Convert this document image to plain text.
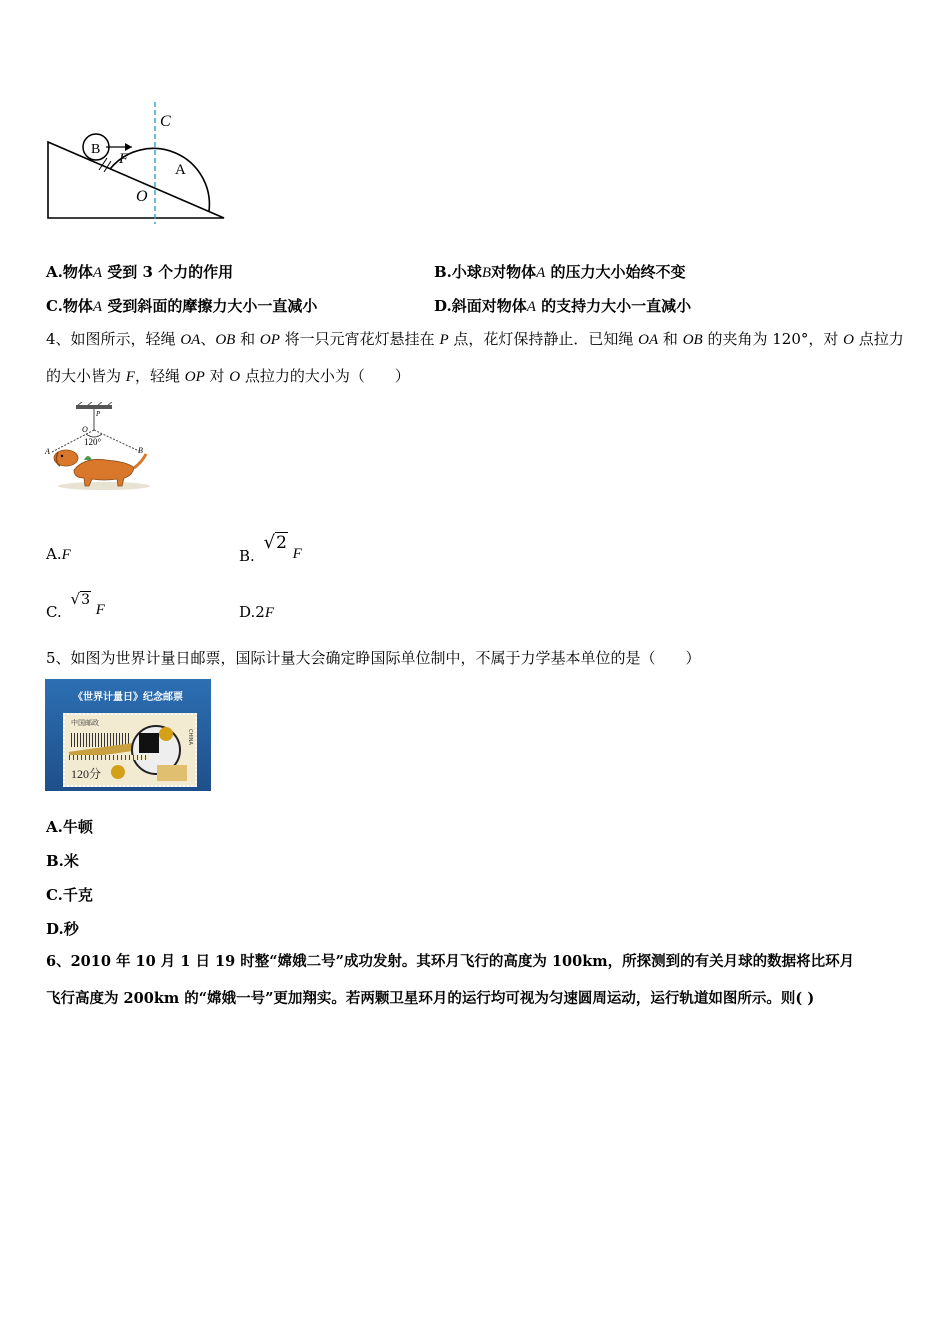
B
F
C
A
O
A.物体A 受到 3 个力的作用	B.小球B对物体A 的压力大小始终不变
C.物体A 受到斜面的摩擦力大小一直减小	D.斜面对物体A 的支持力大小一直减小
4、如图所示，轻绳 OA、OB 和 OP 将一只元宵花灯悬挂在 P 点，花灯保持静止．已知绳 OA 和 OB 的夹角为 120°，对 O 点拉力
的大小皆为 F，轻绳 OP 对 O 点拉力的大小为（　　）
120°
O
P
A	B
A.F	B. √2 F
C. √3 F	D.2F
5、如图为世界计量日邮票，国际计量大会确定睁国际单位制中，不属于力学基本单位的是（　　）
《世界计量日》纪念邮票
中国邮政
CHINA
120分
A.牛顿
B.米
C.千克
D.秒
6、2010 年 10 月 1 日 19 时整“嫦娥二号”成功发射。其环月飞行的高度为 100km，所探测到的有关月球的数据将比环月
飞行高度为 200km 的“嫦娥一号”更加翔实。若两颗卫星环月的运行均可视为匀速圆周运动，运行轨道如图所示。则( )
